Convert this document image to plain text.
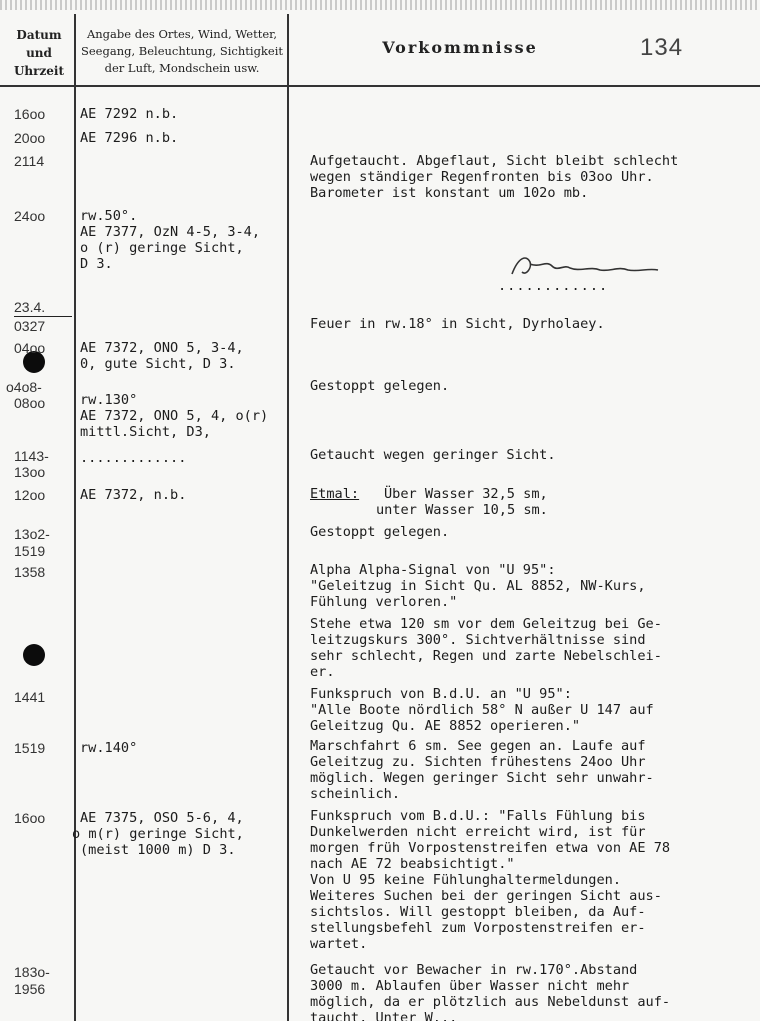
Datum
und
Uhrzeit
Angabe des Ortes, Wind, Wetter,
Seegang, Beleuchtung, Sichtigkeit
der Luft, Mondschein usw.
Vorkommnisse	134
16oo
20oo
2114
24oo
23.4.
0327
04oo
o4o8-
08oo
1143-
13oo
12oo
13o2-
1519
1358
1441
1519
16oo
183o-
1956
AE 7292 n.b.
AE 7296 n.b.
rw.50°.
AE 7377, OzN 4-5, 3-4,
o (r) geringe Sicht,
D 3.
AE 7372, ONO 5, 3-4,
0, gute Sicht, D 3.
rw.130°
AE 7372, ONO 5, 4, o(r)
mittl.Sicht, D3,
.............
AE 7372, n.b.
rw.140°
AE 7375, OSO 5-6, 4,
o m(r) geringe Sicht,
(meist 1000 m) D 3.
Aufgetaucht. Abgeflaut, Sicht bleibt schlecht
wegen ständiger Regenfronten bis 03oo Uhr.
Barometer ist konstant um 102o mb.
............
Feuer in rw.18° in Sicht, Dyrholaey.
Gestoppt gelegen.
Getaucht wegen geringer Sicht.
Etmal: Über Wasser 32,5 sm,
unter Wasser 10,5 sm.
Gestoppt gelegen.
Alpha Alpha-Signal von "U 95":
"Geleitzug in Sicht Qu. AL 8852, NW-Kurs,
Fühlung verloren."
Stehe etwa 120 sm vor dem Geleitzug bei Ge-
leitzugskurs 300°. Sichtverhältnisse sind
sehr schlecht, Regen und zarte Nebelschlei-
er.
Funkspruch von B.d.U. an "U 95":
"Alle Boote nördlich 58° N außer U 147 auf
Geleitzug Qu. AE 8852 operieren."
Marschfahrt 6 sm. See gegen an. Laufe auf
Geleitzug zu. Sichten frühestens 24oo Uhr
möglich. Wegen geringer Sicht sehr unwahr-
scheinlich.
Funkspruch vom B.d.U.: "Falls Fühlung bis
Dunkelwerden nicht erreicht wird, ist für
morgen früh Vorpostenstreifen etwa von AE 78
nach AE 72 beabsichtigt."
Von U 95 keine Fühlunghaltermeldungen.
Weiteres Suchen bei der geringen Sicht aus-
sichtslos. Will gestoppt bleiben, da Auf-
stellungsbefehl zum Vorpostenstreifen er-
wartet.
Getaucht vor Bewacher in rw.170°.Abstand
3000 m. Ablaufen über Wasser nicht mehr
möglich, da er plötzlich aus Nebeldunst auf-
taucht. Unter W...
